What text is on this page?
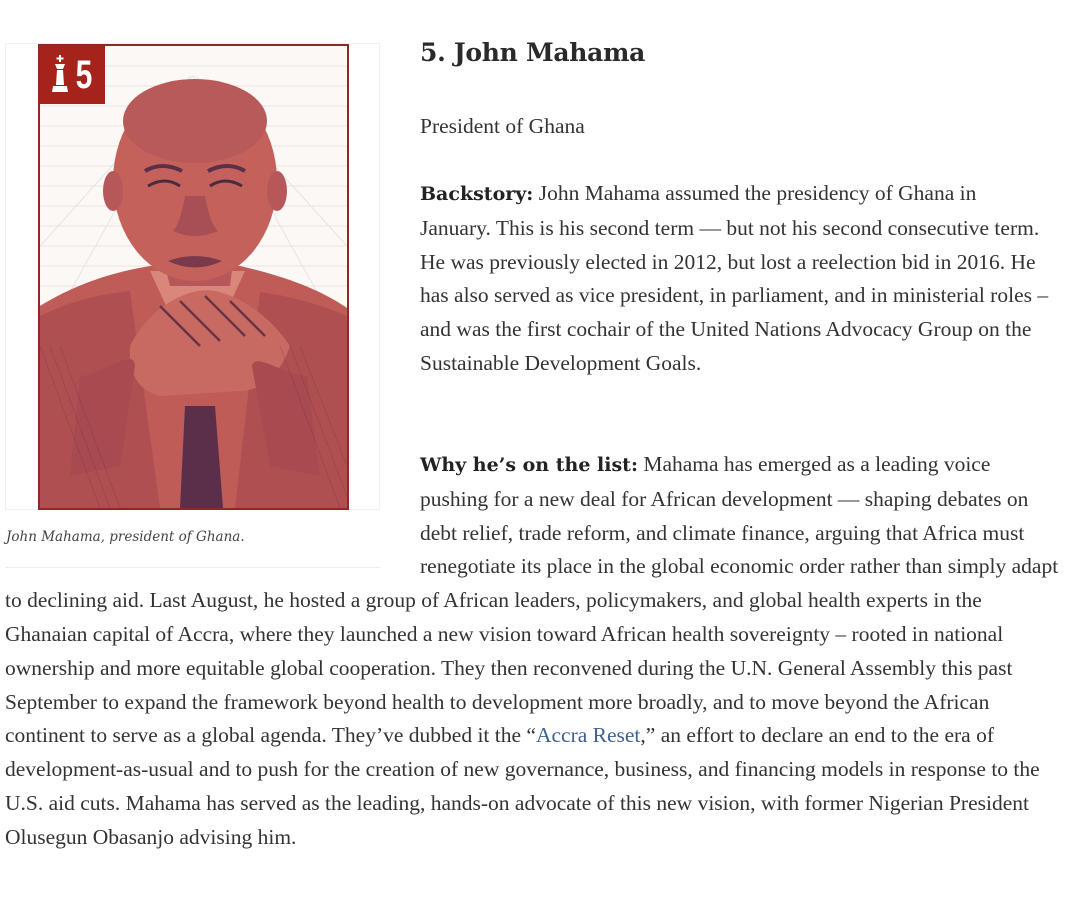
5
John Mahama, president of Ghana.
5. John Mahama

President of Ghana

Backstory: John Mahama assumed the presidency of Ghana in January. This is his second term — but not his second consecutive term. He was previously elected in 2012, but lost a reelection bid in 2016. He has also served as vice president, in parliament, and in ministerial roles – and was the first cochair of the United Nations Advocacy Group on the Sustainable Development Goals.

Why he’s on the list: Mahama has emerged as a leading voice pushing for a new deal for African development — shaping debates on debt relief, trade reform, and climate finance, arguing that Africa must renegotiate its place in the global economic order rather than simply adapt to declining aid. Last August, he hosted a group of African leaders, policymakers, and global health experts in the Ghanaian capital of Accra, where they launched a new vision toward African health sovereignty – rooted in national ownership and more equitable global cooperation. They then reconvened during the U.N. General Assembly this past September to expand the framework beyond health to development more broadly, and to move beyond the African continent to serve as a global agenda. They’ve dubbed it the “Accra Reset,” an effort to declare an end to the era of development-as-usual and to push for the creation of new governance, business, and financing models in response to the U.S. aid cuts. Mahama has served as the leading, hands-on advocate of this new vision, with former Nigerian President Olusegun Obasanjo advising him.
